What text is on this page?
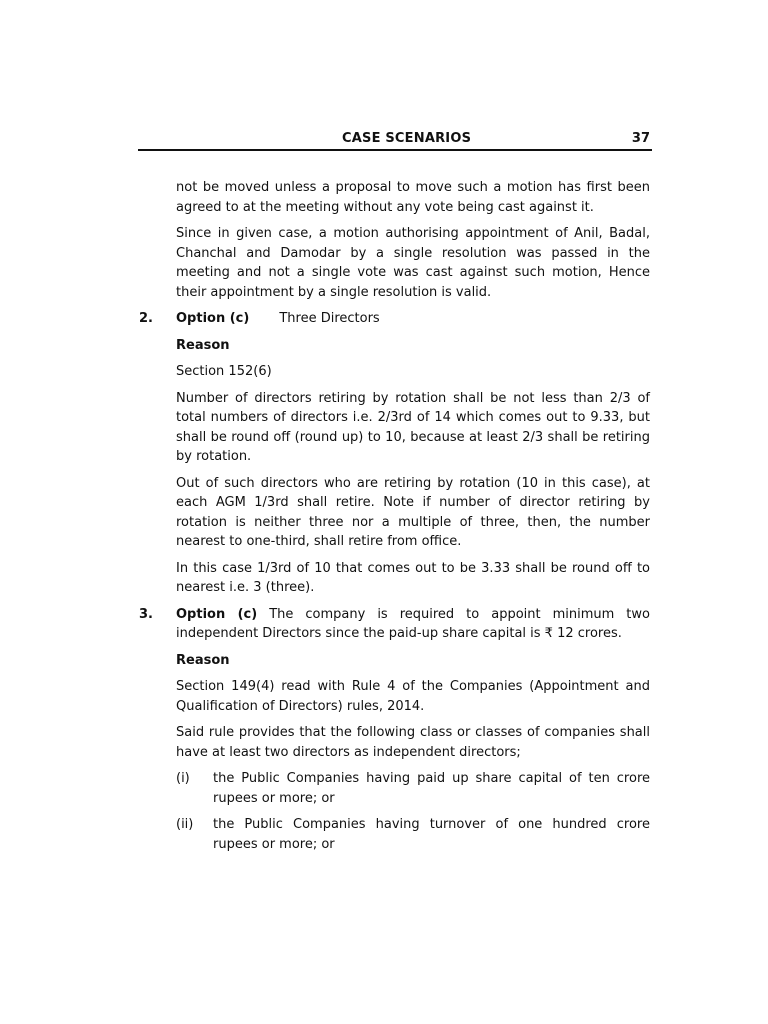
CASE SCENARIOS	37

not be moved unless a proposal to move such a motion has first been agreed to at the meeting without any vote being cast against it.

Since in given case, a motion authorising appointment of Anil, Badal, Chanchal and Damodar by a single resolution was passed in the meeting and not a single vote was cast against such motion, Hence their appointment by a single resolution is valid.

2. Option (c) Three Directors

Reason

Section 152(6)

Number of directors retiring by rotation shall be not less than 2/3 of total numbers of directors i.e. 2/3rd of 14 which comes out to 9.33, but shall be round off (round up) to 10, because at least 2/3 shall be retiring by rotation.

Out of such directors who are retiring by rotation (10 in this case), at each AGM 1/3rd shall retire. Note if number of director retiring by rotation is neither three nor a multiple of three, then, the number nearest to one-third, shall retire from office.

In this case 1/3rd of 10 that comes out to be 3.33 shall be round off to nearest i.e. 3 (three).

3. Option (c) The company is required to appoint minimum two independent Directors since the paid-up share capital is ₹ 12 crores.

Reason

Section 149(4) read with Rule 4 of the Companies (Appointment and Qualification of Directors) rules, 2014.

Said rule provides that the following class or classes of companies shall have at least two directors as independent directors;

(i) the Public Companies having paid up share capital of ten crore rupees or more; or
(ii) the Public Companies having turnover of one hundred crore rupees or more; or
